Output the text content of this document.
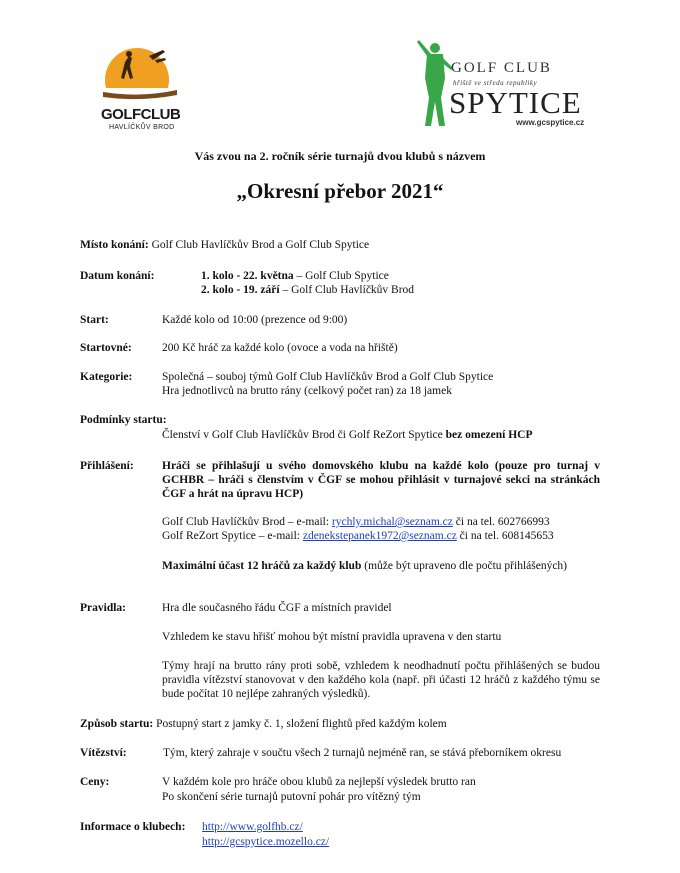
GOLFCLUB
HAVLÍČKŮV BROD
GOLF CLUB
hřiště ve středu republiky
SPYTICE
www.gcspytice.cz
Vás zvou na 2. ročník série turnajů dvou klubů s názvem
„Okresní přebor 2021“
Místo konání: Golf Club Havlíčkův Brod a Golf Club Spytice
Datum konání:	1. kolo - 22. května – Golf Club Spytice
2. kolo - 19. září – Golf Club Havlíčkův Brod
Start:	Každé kolo od 10:00 (prezence od 9:00)
Startovné:	200 Kč hráč za každé kolo (ovoce a voda na hřiště)
Kategorie:	Společná – souboj týmů Golf Club Havlíčkův Brod a Golf Club Spytice
Hra jednotlivců na brutto rány (celkový počet ran) za 18 jamek
Podmínky startu:
Členství v Golf Club Havlíčkův Brod či Golf ReZort Spytice bez omezení HCP
Přihlášení: Hráči se přihlašují u svého domovského klubu na každé kolo (pouze pro turnaj v GCHBR – hráči s členstvím v ČGF se mohou přihlásit v turnajové sekci na stránkách ČGF a hrát na úpravu HCP)
Golf Club Havlíčkův Brod – e-mail: rychly.michal@seznam.cz či na tel. 602766993
Golf ReZort Spytice – e-mail: zdenekstepanek1972@seznam.cz či na tel. 608145653
Maximální účast 12 hráčů za každý klub (může být upraveno dle počtu přihlášených)
Pravidla:	Hra dle současného řádu ČGF a místních pravidel
Vzhledem ke stavu hřišť mohou být místní pravidla upravena v den startu
Týmy hrají na brutto rány proti sobě, vzhledem k neodhadnutí počtu přihlášených se budou pravidla vítězství stanovovat v den každého kola (např. při účasti 12 hráčů z každého týmu se bude počítat 10 nejlépe zahraných výsledků).
Způsob startu: Postupný start z jamky č. 1, složení flightů před každým kolem
Vítězství:	Tým, který zahraje v součtu všech 2 turnajů nejméně ran, se stává přeborníkem okresu
Ceny:	V každém kole pro hráče obou klubů za nejlepší výsledek brutto ran
Po skončení série turnajů putovní pohár pro vítězný tým
Informace o klubech: http://www.golfhb.cz/
http://gcspytice.mozello.cz/
